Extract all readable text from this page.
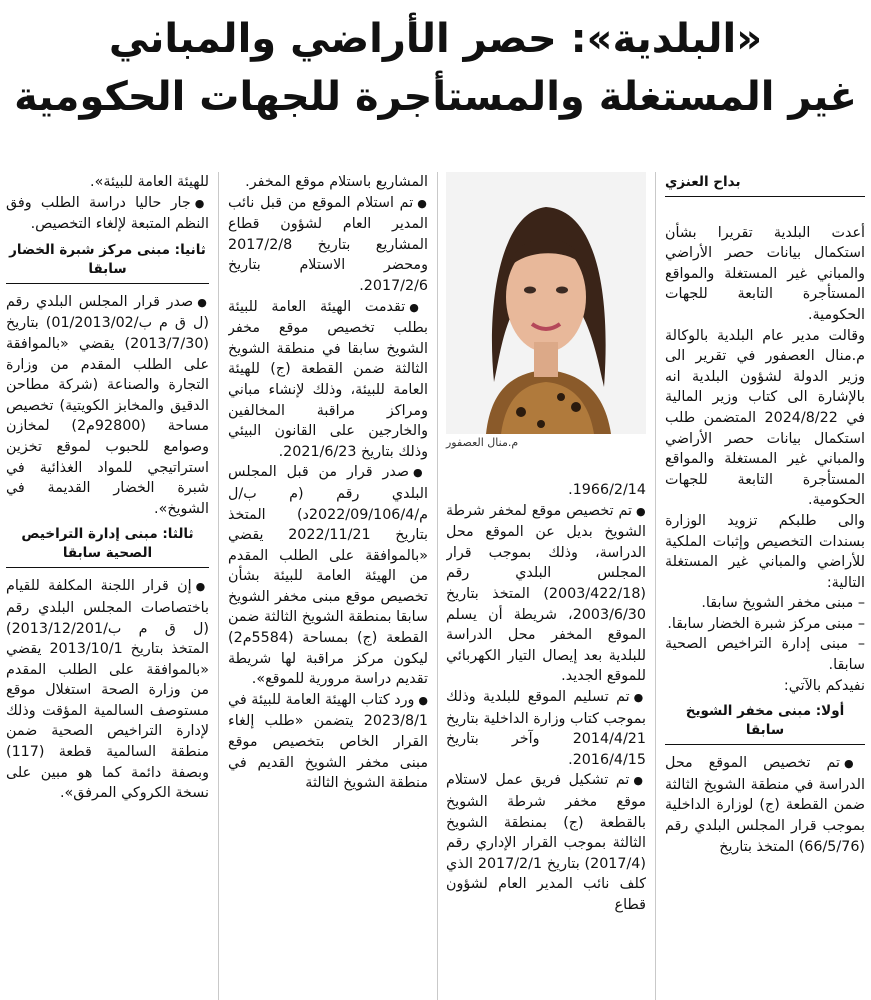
«البلدية»: حصر الأراضي والمباني
غير المستغلة والمستأجرة للجهات الحكومية
بداح العنزي

أعدت البلدية تقريرا بشأن استكمال بيانات حصر الأراضي والمباني غير المستغلة والمواقع المستأجرة التابعة للجهات الحكومية.

وقالت مدير عام البلدية بالوكالة م.منال العصفور في تقرير الى وزير الدولة لشؤون البلدية انه بالإشارة الى كتاب وزير المالية في 2024/8/22 المتضمن طلب استكمال بيانات حصر الأراضي والمباني غير المستغلة والمواقع المستأجرة التابعة للجهات الحكومية.

والى طلبكم تزويد الوزارة بسندات التخصيص وإثبات الملكية للأراضي والمباني غير المستغلة التالية:

– مبنى مخفر الشويخ سابقا.

– مبنى مركز شبرة الخضار سابقا.

– مبنى إدارة التراخيص الصحية سابقا.

نفيدكم بالآتي:

أولا: مبنى مخفر الشويخ سابقا

● تم تخصيص الموقع محل الدراسة في منطقة الشويخ الثالثة ضمن القطعة (ج) لوزارة الداخلية بموجب قرار المجلس البلدي رقم (66/5/76) المتخذ بتاريخ

م.منال العصفور

1966/2/14.

● تم تخصيص موقع لمخفر شرطة الشويخ بديل عن الموقع محل الدراسة، وذلك بموجب قرار المجلس البلدي رقم (2003/422/18) المتخذ بتاريخ 2003/6/30، شريطة أن يسلم الموقع المخفر محل الدراسة للبلدية بعد إيصال التيار الكهربائي للموقع الجديد.

● تم تسليم الموقع للبلدية وذلك بموجب كتاب وزارة الداخلية بتاريخ 2014/4/21 وآخر بتاريخ 2016/4/15.

● تم تشكيل فريق عمل لاستلام موقع مخفر شرطة الشويخ بالقطعة (ج) بمنطقة الشويخ الثالثة بموجب القرار الإداري رقم (2017/4) بتاريخ 2017/2/1 الذي كلف نائب المدير العام لشؤون قطاع

المشاريع باستلام موقع المخفر.

● تم استلام الموقع من قبل نائب المدير العام لشؤون قطاع المشاريع بتاريخ 2017/2/8 ومحضر الاستلام بتاريخ 2017/2/6.

● تقدمت الهيئة العامة للبيئة بطلب تخصيص موقع مخفر الشويخ سابقا في منطقة الشويخ الثالثة ضمن القطعة (ج) للهيئة العامة للبيئة، وذلك لإنشاء مباني ومراكز مراقبة المخالفين والخارجين على القانون البيئي وذلك بتاريخ 2021/6/23.

● صدر قرار من قبل المجلس البلدي رقم (م ب/ل م/2022/09/106/4د) المتخذ بتاريخ 2022/11/21 يقضي «بالموافقة على الطلب المقدم من الهيئة العامة للبيئة بشأن تخصيص موقع مبنى مخفر الشويخ سابقا بمنطقة الشويخ الثالثة ضمن القطعة (ج) بمساحة (5584م2) ليكون مركز مراقبة لها شريطة تقديم دراسة مرورية للموقع».

● ورد كتاب الهيئة العامة للبيئة في 2023/8/1 يتضمن «طلب إلغاء القرار الخاص بتخصيص موقع مبنى مخفر الشويخ القديم في منطقة الشويخ الثالثة

للهيئة العامة للبيئة».

● جار حاليا دراسة الطلب وفق النظم المتبعة لإلغاء التخصيص.

ثانيا: مبنى مركز شبرة الخضار سابقا

● صدر قرار المجلس البلدي رقم (ل ق م ب/01/2013/02) بتاريخ (2013/7/30) يقضي «بالموافقة على الطلب المقدم من وزارة التجارة والصناعة (شركة مطاحن الدقيق والمخابز الكويتية) تخصيص مساحة (92800م2) لمخازن وصوامع للحبوب لموقع تخزين استراتيجي للمواد الغذائية في شبرة الخضار القديمة في الشويخ».

ثالثا: مبنى إدارة التراخيص الصحية سابقا

● إن قرار اللجنة المكلفة للقيام باختصاصات المجلس البلدي رقم (ل ق م ب/2013/12/201) المتخذ بتاريخ 2013/10/1 يقضي «بالموافقة على الطلب المقدم من وزارة الصحة استغلال موقع مستوصف السالمية المؤقت وذلك لإدارة التراخيص الصحية ضمن منطقة السالمية قطعة (117) وبصفة دائمة كما هو مبين على نسخة الكروكي المرفق».
